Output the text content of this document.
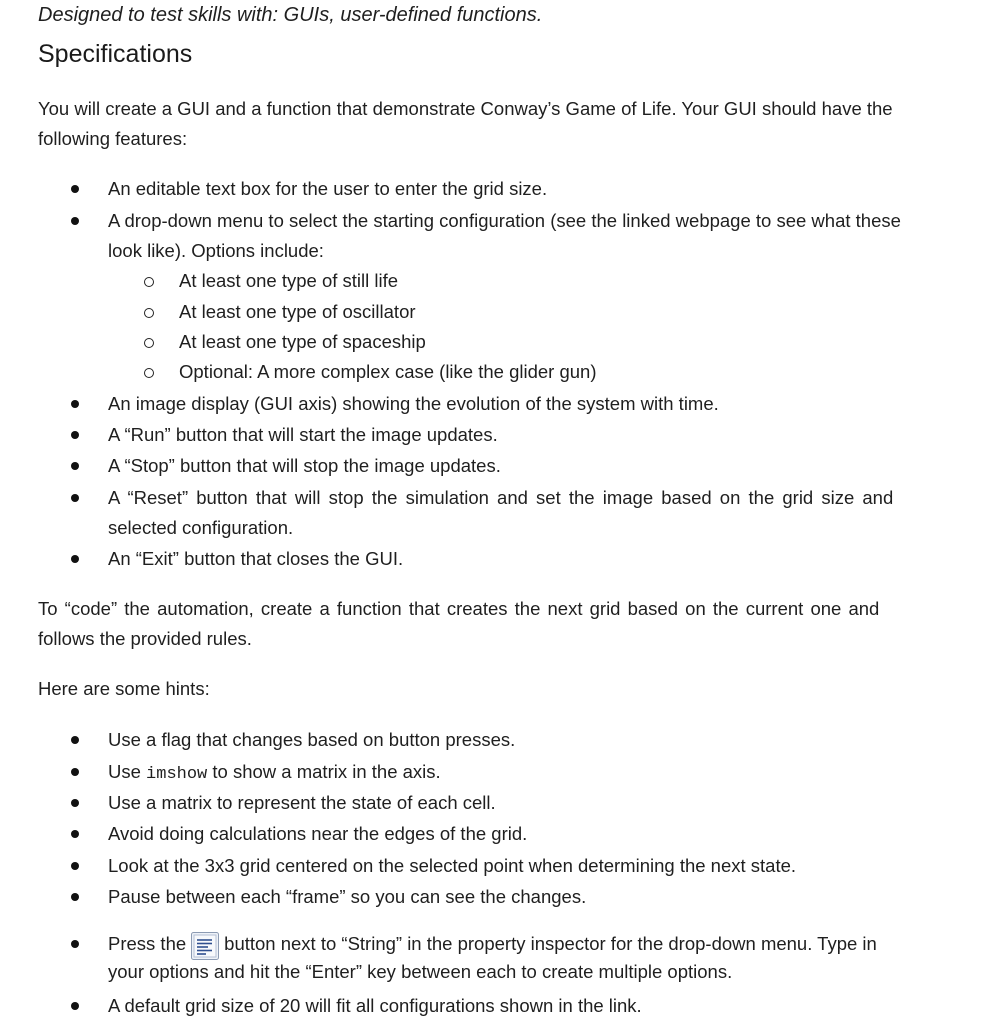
Designed to test skills with: GUIs, user-defined functions.
Specifications
You will create a GUI and a function that demonstrate Conway’s Game of Life. Your GUI should have the
following features:
An editable text box for the user to enter the grid size.
A drop-down menu to select the starting configuration (see the linked webpage to see what these
look like). Options include:
At least one type of still life
At least one type of oscillator
At least one type of spaceship
Optional: A more complex case (like the glider gun)
An image display (GUI axis) showing the evolution of the system with time.
A “Run” button that will start the image updates.
A “Stop” button that will stop the image updates.
A “Reset” button that will stop the simulation and set the image based on the grid size and
selected configuration.
An “Exit” button that closes the GUI.
To “code” the automation, create a function that creates the next grid based on the current one and
follows the provided rules.
Here are some hints:
Use a flag that changes based on button presses.
Use imshow to show a matrix in the axis.
Use a matrix to represent the state of each cell.
Avoid doing calculations near the edges of the grid.
Look at the 3x3 grid centered on the selected point when determining the next state.
Pause between each “frame” so you can see the changes.
Press the button next to “String” in the property inspector for the drop-down menu. Type in
your options and hit the “Enter” key between each to create multiple options.
A default grid size of 20 will fit all configurations shown in the link.
